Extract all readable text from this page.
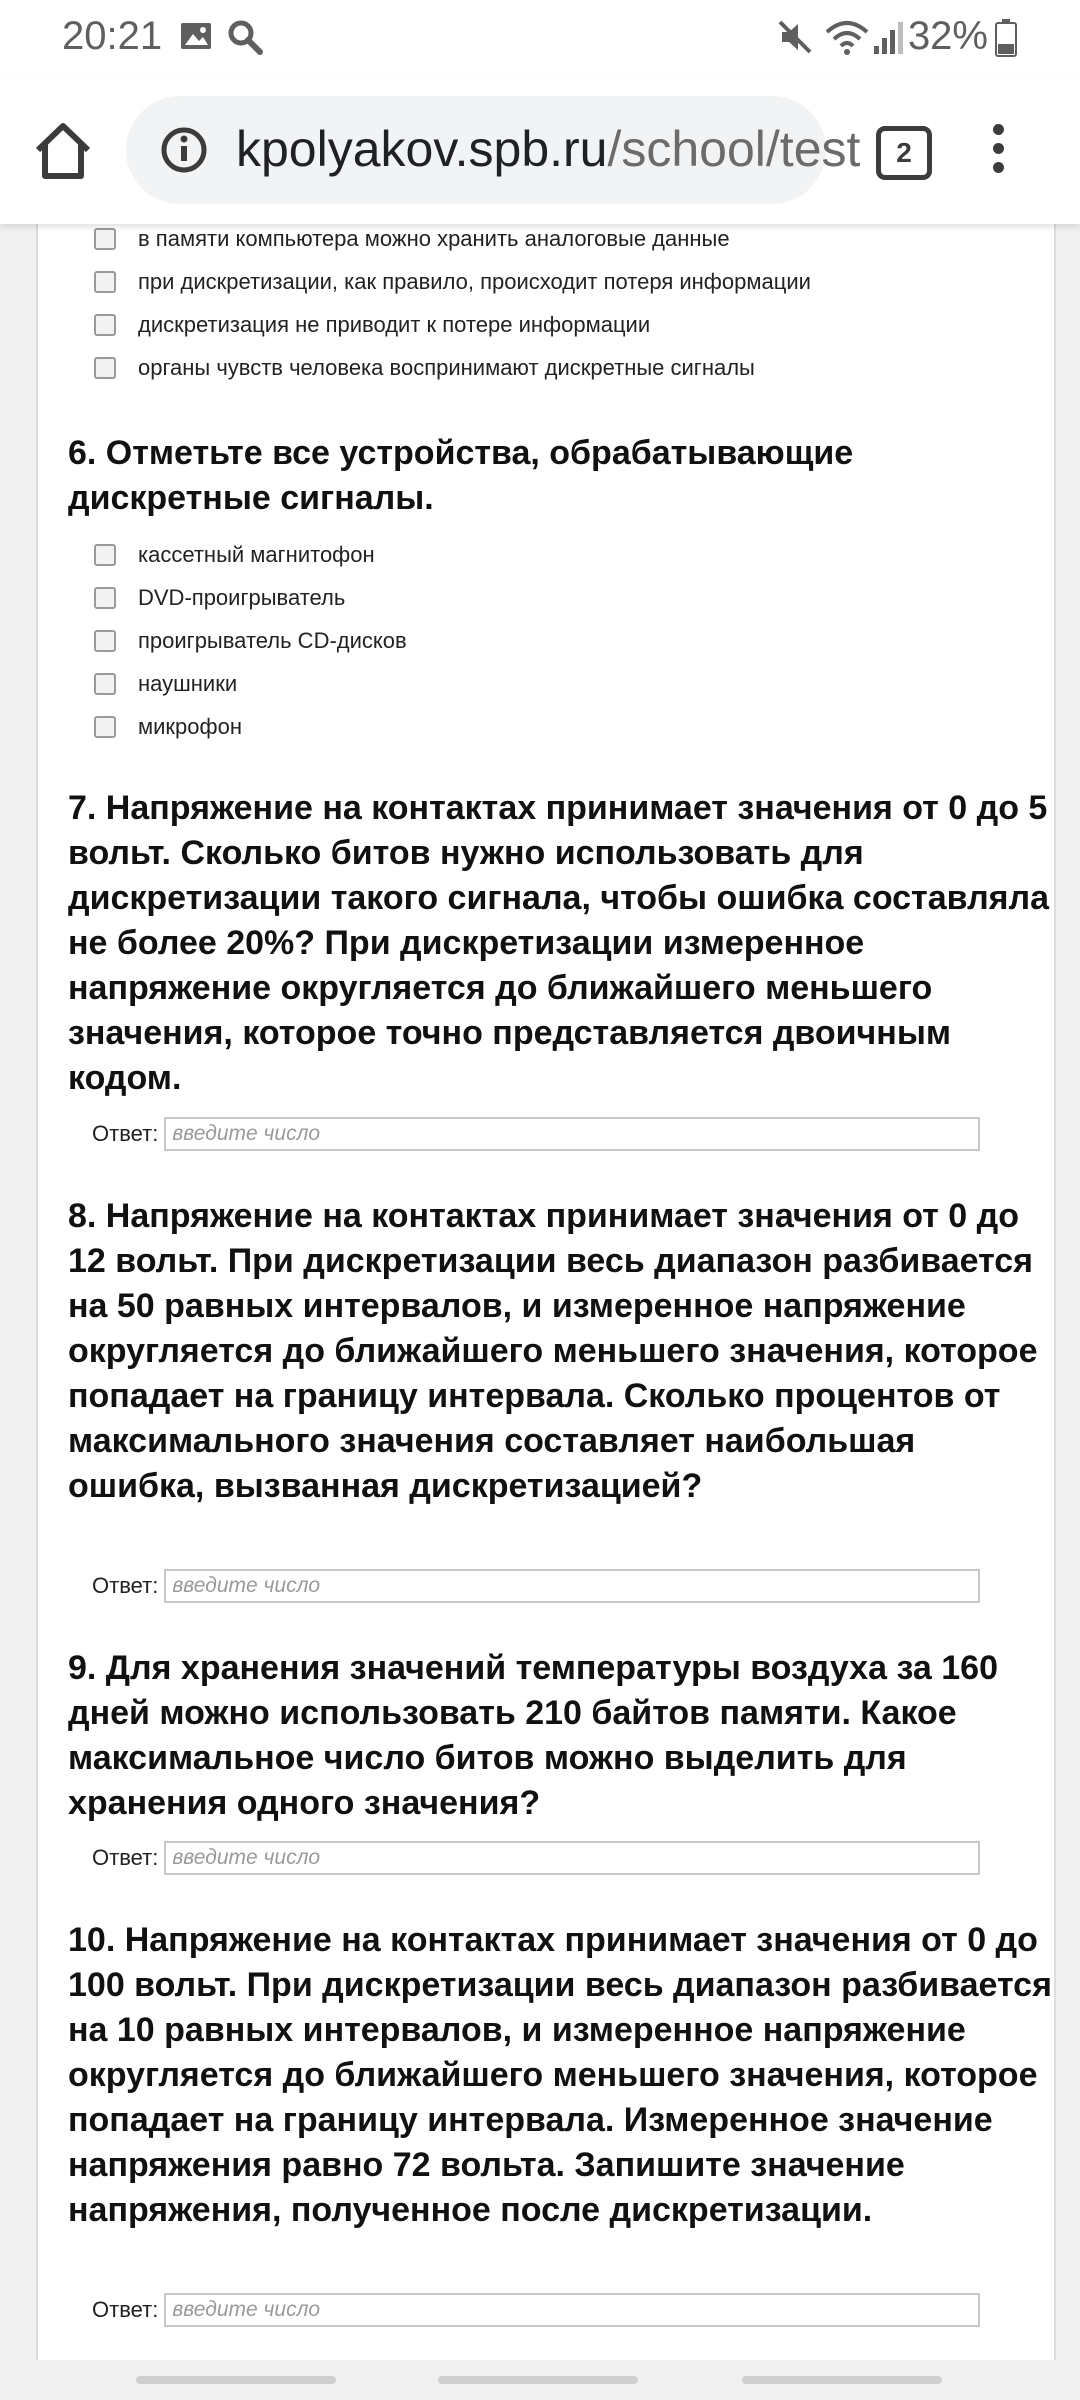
20:21	32%
kpolyakov.spb.ru/school/test	2
в памяти компьютера можно хранить аналоговые данные
при дискретизации, как правило, происходит потеря информации
дискретизация не приводит к потере информации
органы чувств человека воспринимают дискретные сигналы

6. Отметьте все устройства, обрабатывающие дискретные сигналы.

кассетный магнитофон
DVD-проигрыватель
проигрыватель CD-дисков
наушники
микрофон

7. Напряжение на контактах принимает значения от 0 до 5 вольт. Сколько битов нужно использовать для дискретизации такого сигнала, чтобы ошибка составляла не более 20%? При дискретизации измеренное напряжение округляется до ближайшего меньшего значения, которое точно представляется двоичным кодом.

Ответ:
введите число

8. Напряжение на контактах принимает значения от 0 до 12 вольт. При дискретизации весь диапазон разбивается на 50 равных интервалов, и измеренное напряжение округляется до ближайшего меньшего значения, которое попадает на границу интервала. Сколько процентов от максимального значения составляет наибольшая ошибка, вызванная дискретизацией?

Ответ:
введите число

9. Для хранения значений температуры воздуха за 160 дней можно использовать 210 байтов памяти. Какое максимальное число битов можно выделить для хранения одного значения?

Ответ:
введите число

10. Напряжение на контактах принимает значения от 0 до 100 вольт. При дискретизации весь диапазон разбивается на 10 равных интервалов, и измеренное напряжение округляется до ближайшего меньшего значения, которое попадает на границу интервала. Измеренное значение напряжения равно 72 вольта. Запишите значение напряжения, полученное после дискретизации.

Ответ:
введите число
